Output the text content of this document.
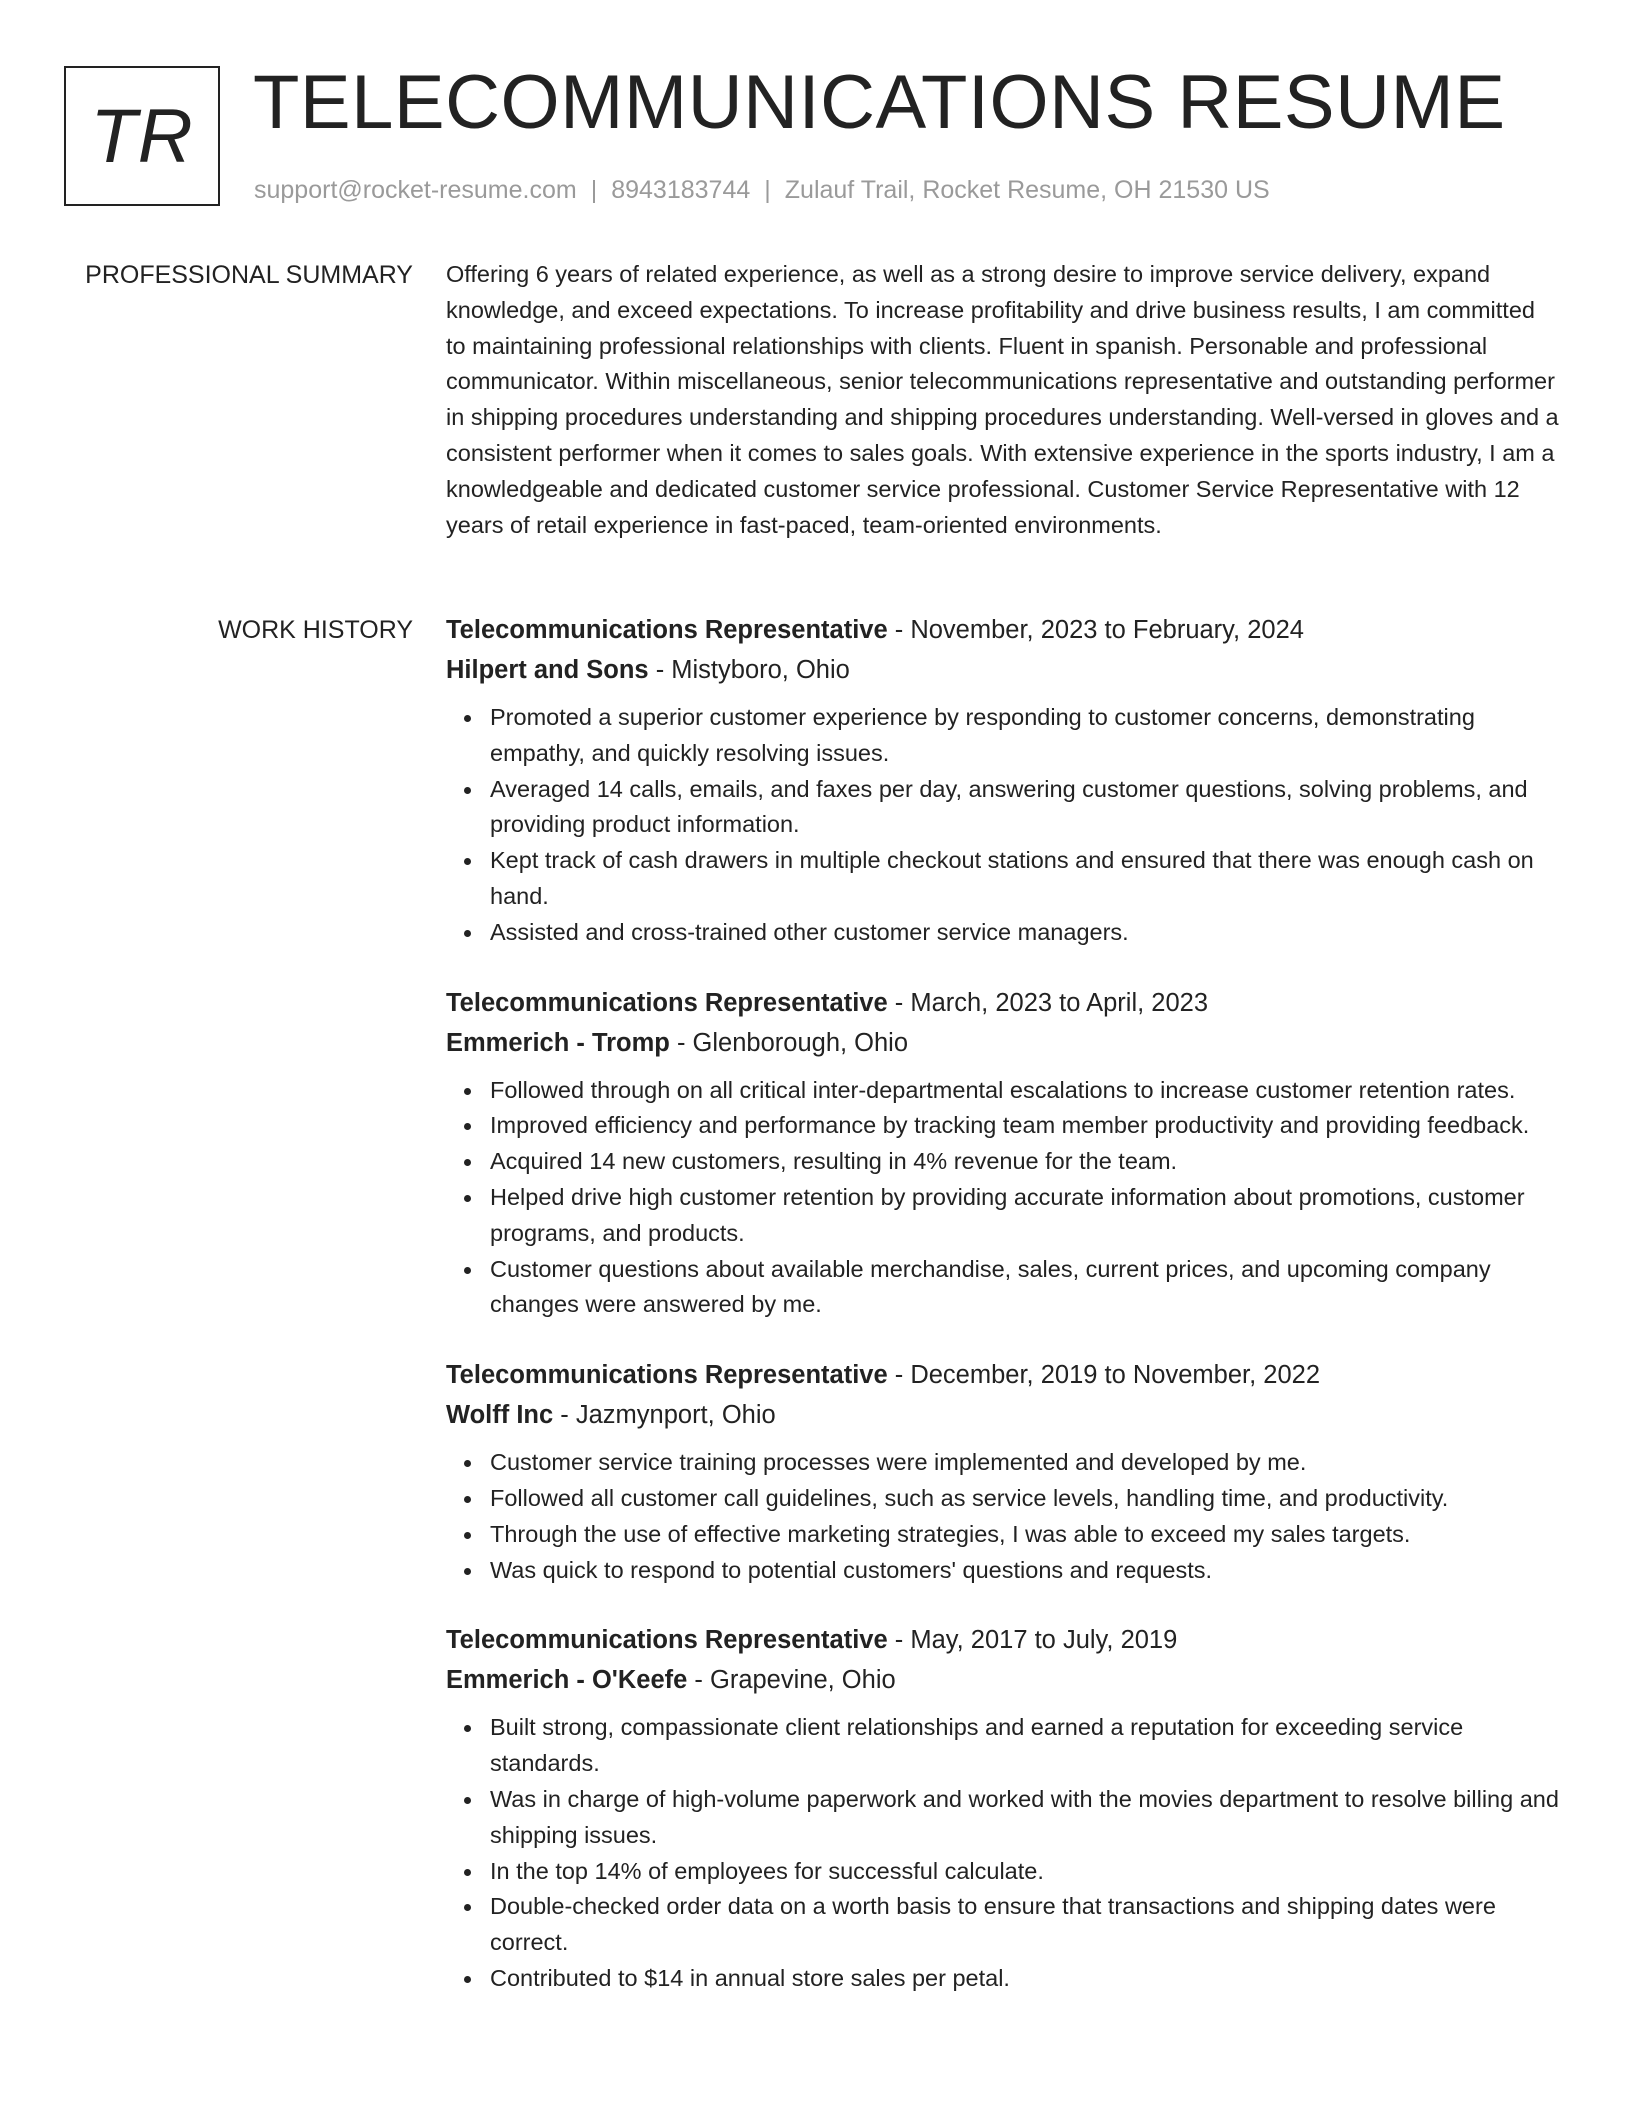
TR TELECOMMUNICATIONS RESUME
support@rocket-resume.com | 8943183744 | Zulauf Trail, Rocket Resume, OH 21530 US
PROFESSIONAL SUMMARY Offering 6 years of related experience, as well as a strong desire to improve service delivery, expand knowledge, and exceed expectations. To increase profitability and drive business results, I am committed to maintaining professional relationships with clients. Fluent in spanish. Personable and professional communicator. Within miscellaneous, senior telecommunications representative and outstanding performer in shipping procedures understanding and shipping procedures understanding. Well-versed in gloves and a consistent performer when it comes to sales goals. With extensive experience in the sports industry, I am a knowledgeable and dedicated customer service professional. Customer Service Representative with 12 years of retail experience in fast-paced, team-oriented environments.

WORK HISTORY Telecommunications Representative - November, 2023 to February, 2024

Hilpert and Sons - Mistyboro, Ohio

Promoted a superior customer experience by responding to customer concerns, demonstrating empathy, and quickly resolving issues.
Averaged 14 calls, emails, and faxes per day, answering customer questions, solving problems, and providing product information.
Kept track of cash drawers in multiple checkout stations and ensured that there was enough cash on hand.
Assisted and cross-trained other customer service managers.

Telecommunications Representative - March, 2023 to April, 2023

Emmerich - Tromp - Glenborough, Ohio

Followed through on all critical inter-departmental escalations to increase customer retention rates.
Improved efficiency and performance by tracking team member productivity and providing feedback.
Acquired 14 new customers, resulting in 4% revenue for the team.
Helped drive high customer retention by providing accurate information about promotions, customer programs, and products.
Customer questions about available merchandise, sales, current prices, and upcoming company changes were answered by me.

Telecommunications Representative - December, 2019 to November, 2022

Wolff Inc - Jazmynport, Ohio

Customer service training processes were implemented and developed by me.
Followed all customer call guidelines, such as service levels, handling time, and productivity.
Through the use of effective marketing strategies, I was able to exceed my sales targets.
Was quick to respond to potential customers' questions and requests.

Telecommunications Representative - May, 2017 to July, 2019

Emmerich - O'Keefe - Grapevine, Ohio

Built strong, compassionate client relationships and earned a reputation for exceeding service standards.
Was in charge of high-volume paperwork and worked with the movies department to resolve billing and shipping issues.
In the top 14% of employees for successful calculate.
Double-checked order data on a worth basis to ensure that transactions and shipping dates were correct.
Contributed to $14 in annual store sales per petal.
